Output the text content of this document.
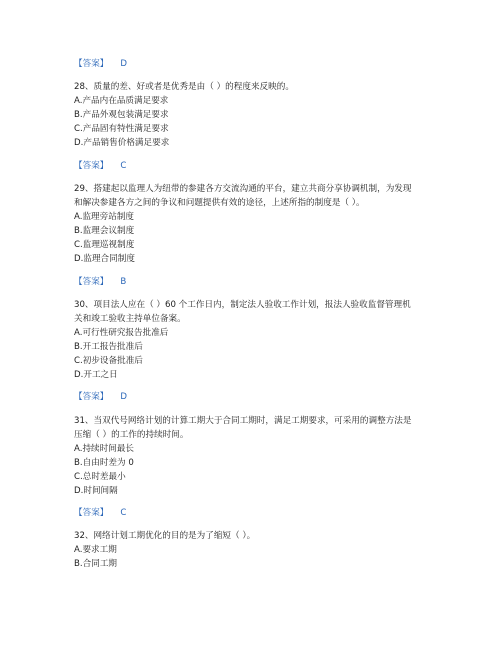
【答案】 D
28、质量的差、好或者是优秀是由（ ）的程度来反映的。
A.产品内在品质满足要求
B.产品外观包装满足要求
C.产品固有特性满足要求
D.产品销售价格满足要求
【答案】 C
29、搭建起以监理人为纽带的参建各方交流沟通的平台，建立共商分享协调机制，为发现
和解决参建各方之间的争议和问题提供有效的途径，上述所指的制度是（ ）。
A.监理旁站制度
B.监理会议制度
C.监理巡视制度
D.监理合同制度
【答案】 B
30、项目法人应在（ ）60 个工作日内，制定法人验收工作计划，报法人验收监督管理机
关和竣工验收主持单位备案。
A.可行性研究报告批准后
B.开工报告批准后
C.初步设备批准后
D.开工之日
【答案】 D
31、当双代号网络计划的计算工期大于合同工期时，满足工期要求，可采用的调整方法是
压缩（ ）的工作的持续时间。
A.持续时间最长
B.自由时差为 0
C.总时差最小
D.时间间隔
【答案】 C
32、网络计划工期优化的目的是为了缩短（ ）。
A.要求工期
B.合同工期
